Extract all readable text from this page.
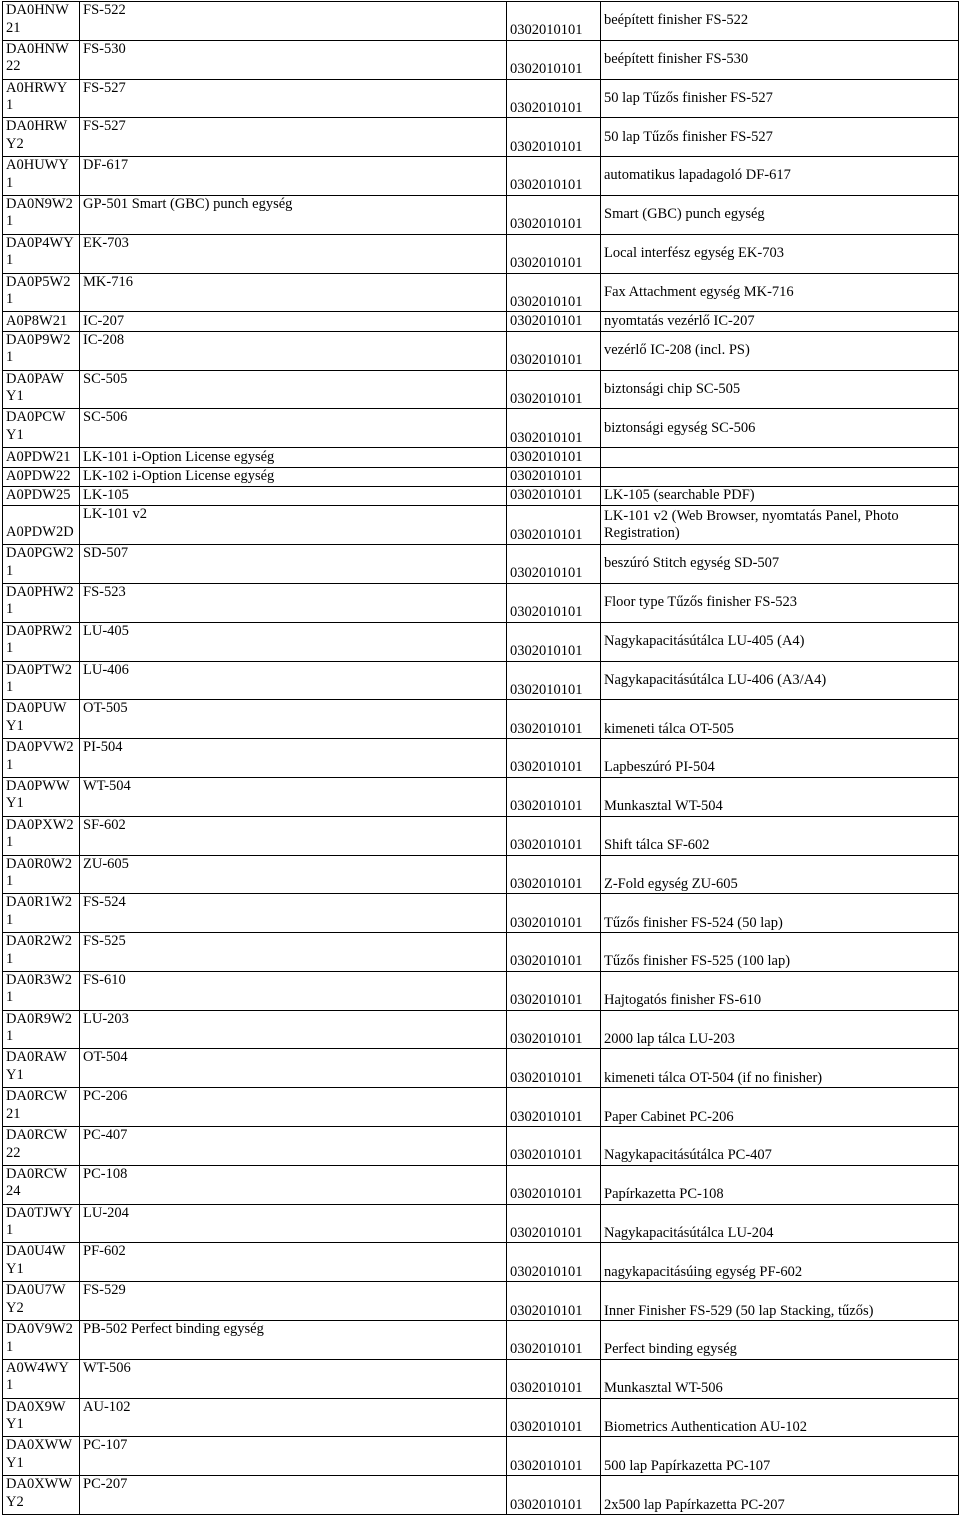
DA0HNW
21	FS-522	0302010101	beépített finisher FS-522
DA0HNW
22	FS-530	0302010101	beépített finisher FS-530
A0HRWY
1	FS-527	0302010101	50 lap Tűzős finisher FS-527
DA0HRW
Y2	FS-527	0302010101	50 lap Tűzős finisher FS-527
A0HUWY
1	DF-617	0302010101	automatikus lapadagoló DF-617
DA0N9W2
1	GP-501 Smart (GBC) punch egység	0302010101	Smart (GBC) punch egység
DA0P4WY
1	EK-703	0302010101	Local interfész egység EK-703
DA0P5W2
1	MK-716	0302010101	Fax Attachment egység MK-716
A0P8W21	IC-207	0302010101	nyomtatás vezérlő IC-207
DA0P9W2
1	IC-208	0302010101	vezérlő IC-208 (incl. PS)
DA0PAW
Y1	SC-505	0302010101	biztonsági chip SC-505
DA0PCW
Y1	SC-506	0302010101	biztonsági egység SC-506
A0PDW21	LK-101 i-Option License egység	0302010101	
A0PDW22	LK-102 i-Option License egység	0302010101	
A0PDW25	LK-105	0302010101	LK-105 (searchable PDF)

A0PDW2D	LK-101 v2	0302010101	LK-101 v2 (Web Browser, nyomtatás Panel, Photo Registration)
DA0PGW2
1	SD-507	0302010101	beszúró Stitch egység SD-507
DA0PHW2
1	FS-523	0302010101	Floor type Tűzős finisher FS-523
DA0PRW2
1	LU-405	0302010101	Nagykapacitásútálca LU-405 (A4)
DA0PTW2
1	LU-406	0302010101	Nagykapacitásútálca LU-406 (A3/A4)
DA0PUW
Y1	OT-505	0302010101	kimeneti tálca OT-505
DA0PVW2
1	PI-504	0302010101	Lapbeszúró PI-504
DA0PWW
Y1	WT-504	0302010101	Munkasztal WT-504
DA0PXW2
1	SF-602	0302010101	Shift tálca SF-602
DA0R0W2
1	ZU-605	0302010101	Z-Fold egység ZU-605
DA0R1W2
1	FS-524	0302010101	Tűzős finisher FS-524 (50 lap)
DA0R2W2
1	FS-525	0302010101	Tűzős finisher FS-525 (100 lap)
DA0R3W2
1	FS-610	0302010101	Hajtogatós finisher FS-610
DA0R9W2
1	LU-203	0302010101	2000 lap tálca LU-203
DA0RAW
Y1	OT-504	0302010101	kimeneti tálca OT-504 (if no finisher)
DA0RCW
21	PC-206	0302010101	Paper Cabinet PC-206
DA0RCW
22	PC-407	0302010101	Nagykapacitásútálca PC-407
DA0RCW
24	PC-108	0302010101	Papírkazetta PC-108
DA0TJWY
1	LU-204	0302010101	Nagykapacitásútálca LU-204
DA0U4W
Y1	PF-602	0302010101	nagykapacitásúing egység PF-602
DA0U7W
Y2	FS-529	0302010101	Inner Finisher FS-529 (50 lap Stacking, tűzős)
DA0V9W2
1	PB-502 Perfect binding egység	0302010101	Perfect binding egység
A0W4WY
1	WT-506	0302010101	Munkasztal WT-506
DA0X9W
Y1	AU-102	0302010101	Biometrics Authentication AU-102
DA0XWW
Y1	PC-107	0302010101	500 lap Papírkazetta PC-107
DA0XWW
Y2	PC-207	0302010101	2x500 lap Papírkazetta PC-207
